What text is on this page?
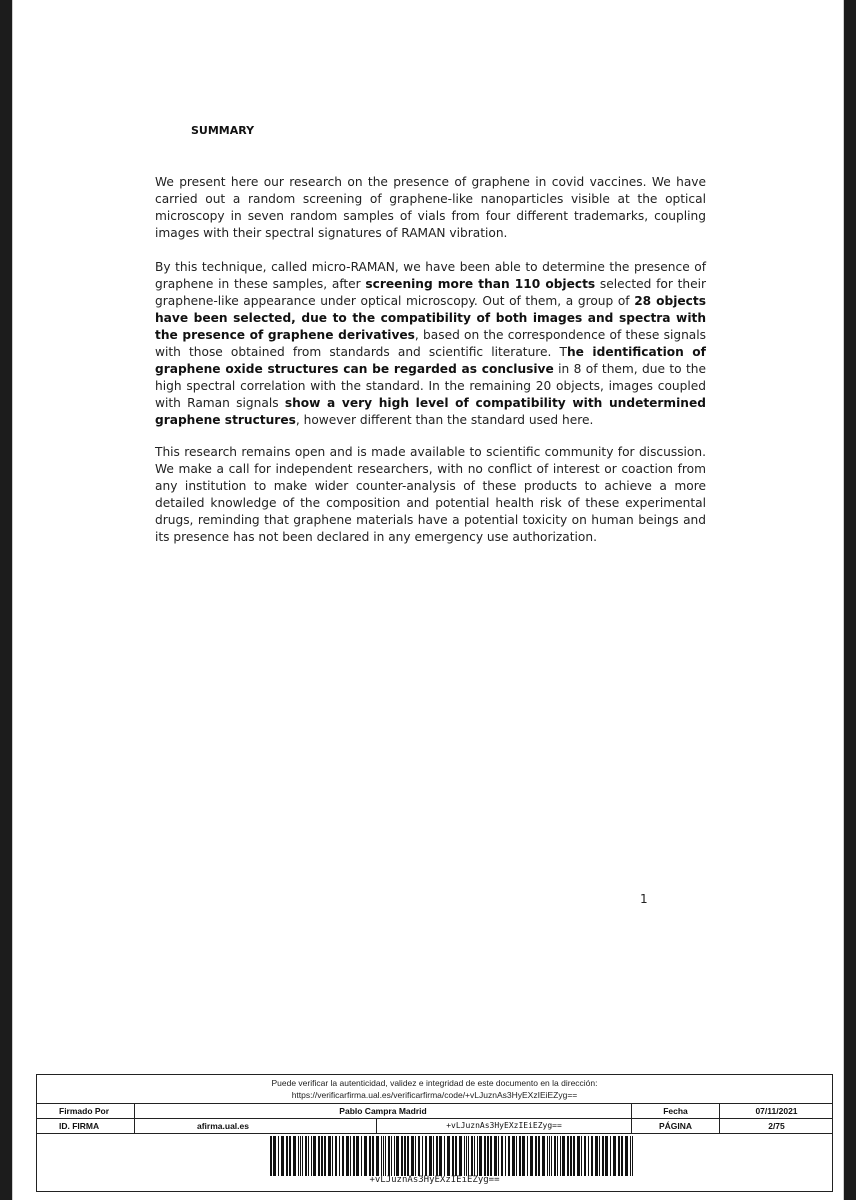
SUMMARY

We present here our research on the presence of graphene in covid vaccines. We have carried out a random screening of graphene-like nanoparticles visible at the optical microscopy in seven random samples of vials from four different trademarks, coupling images with their spectral signatures of RAMAN vibration.

By this technique, called micro-RAMAN, we have been able to determine the presence of graphene in these samples, after screening more than 110 objects selected for their graphene-like appearance under optical microscopy. Out of them, a group of 28 objects have been selected, due to the compatibility of both images and spectra with the presence of graphene derivatives, based on the correspondence of these signals with those obtained from standards and scientific literature. The identification of graphene oxide structures can be regarded as conclusive in 8 of them, due to the high spectral correlation with the standard. In the remaining 20 objects, images coupled with Raman signals show a very high level of compatibility with undetermined graphene structures, however different than the standard used here.

This research remains open and is made available to scientific community for discussion. We make a call for independent researchers, with no conflict of interest or coaction from any institution to make wider counter-analysis of these products to achieve a more detailed knowledge of the composition and potential health risk of these experimental drugs, reminding that graphene materials have a potential toxicity on human beings and its presence has not been declared in any emergency use authorization.

1
Puede verificar la autenticidad, validez e integridad de este documento en la dirección:
https://verificarfirma.ual.es/verificarfirma/code/+vLJuznAs3HyEXzIEiEZyg==
Firmado Por	Pablo Campra Madrid	Fecha	07/11/2021
ID. FIRMA	afirma.ual.es	+vLJuznAs3HyEXzIEiEZyg==	PÁGINA	2/75
+vLJuznAs3HyEXzIEiEZyg==
